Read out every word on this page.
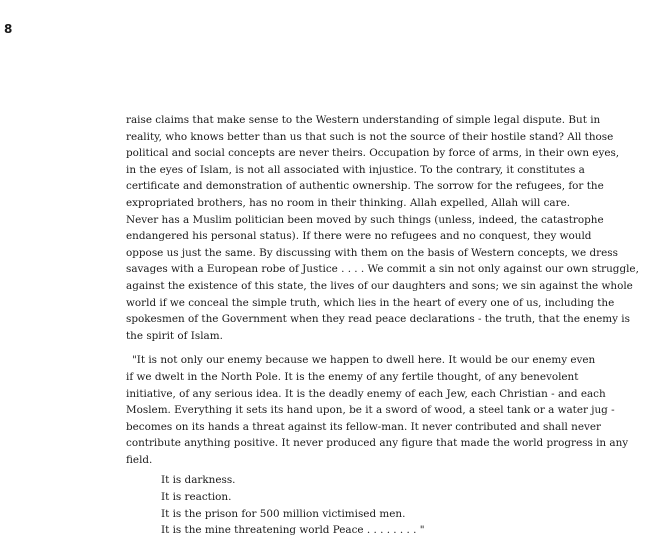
8
raise claims that make sense to the Western understanding of simple legal dispute. But in
reality, who knows better than us that such is not the source of their hostile stand? All those
political and social concepts are never theirs. Occupation by force of arms, in their own eyes,
in the eyes of Islam, is not all associated with injustice. To the contrary, it constitutes a
certificate and demonstration of authentic ownership. The sorrow for the refugees, for the
expropriated brothers, has no room in their thinking. Allah expelled, Allah will care.
Never has a Muslim politician been moved by such things (unless, indeed, the catastrophe
endangered his personal status). If there were no refugees and no conquest, they would
oppose us just the same. By discussing with them on the basis of Western concepts, we dress
savages with a European robe of Justice . . . . We commit a sin not only against our own struggle,
against the existence of this state, the lives of our daughters and sons; we sin against the whole
world if we conceal the simple truth, which lies in the heart of every one of us, including the
spokesmen of the Government when they read peace declarations - the truth, that the enemy is
the spirit of Islam.
"It is not only our enemy because we happen to dwell here. It would be our enemy even
if we dwelt in the North Pole. It is the enemy of any fertile thought, of any benevolent
initiative, of any serious idea. It is the deadly enemy of each Jew, each Christian - and each
Moslem. Everything it sets its hand upon, be it a sword of wood, a steel tank or a water jug -
becomes on its hands a threat against its fellow-man. It never contributed and shall never
contribute anything positive. It never produced any figure that made the world progress in any
field.
It is darkness.
It is reaction.
It is the prison for 500 million victimised men.
It is the mine threatening world Peace . . . . . . . . "
